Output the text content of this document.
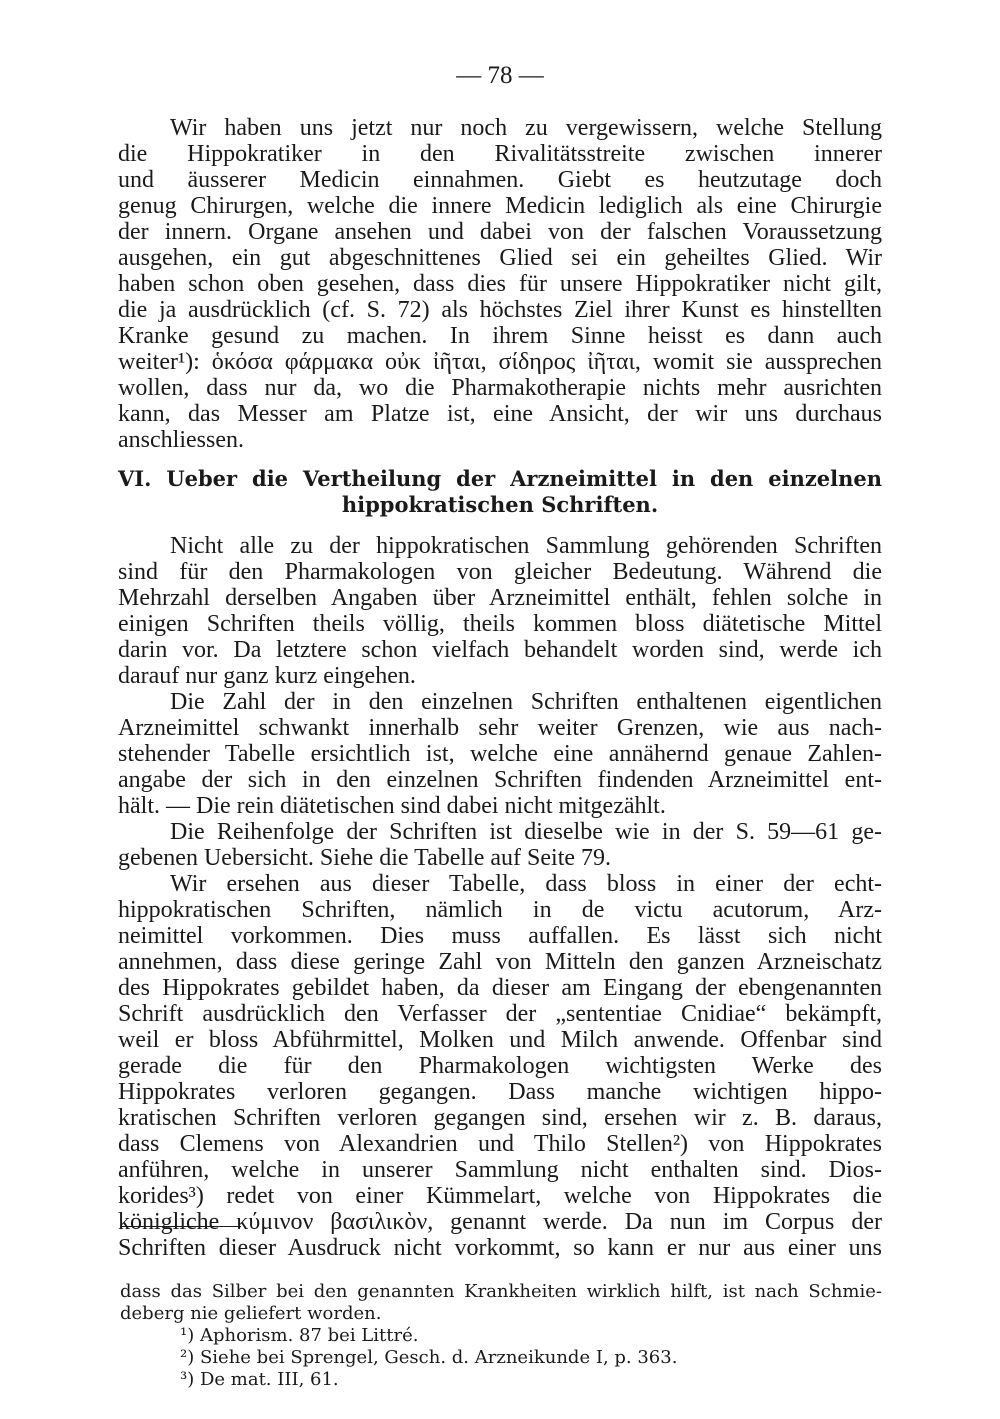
— 78 —
Wir haben uns jetzt nur noch zu vergewissern, welche Stellung
die Hippokratiker in den Rivalitätsstreite zwischen innerer
und äusserer Medicin einnahmen. Giebt es heutzutage doch
genug Chirurgen, welche die innere Medicin lediglich als eine Chirurgie
der innern. Organe ansehen und dabei von der falschen Voraussetzung
ausgehen, ein gut abgeschnittenes Glied sei ein geheiltes Glied. Wir
haben schon oben gesehen, dass dies für unsere Hippokratiker nicht gilt,
die ja ausdrücklich (cf. S. 72) als höchstes Ziel ihrer Kunst es hinstellten
Kranke gesund zu machen. In ihrem Sinne heisst es dann auch
weiter¹): ὁκόσα φάρμακα οὐκ ἰῆται, σίδηρος ἰῆται, womit sie aussprechen
wollen, dass nur da, wo die Pharmakotherapie nichts mehr ausrichten
kann, das Messer am Platze ist, eine Ansicht, der wir uns durchaus
anschliessen.
VI. Ueber die Vertheilung der Arzneimittel in den einzelnen
hippokratischen Schriften.
Nicht alle zu der hippokratischen Sammlung gehörenden Schriften
sind für den Pharmakologen von gleicher Bedeutung. Während die
Mehrzahl derselben Angaben über Arzneimittel enthält, fehlen solche in
einigen Schriften theils völlig, theils kommen bloss diätetische Mittel
darin vor. Da letztere schon vielfach behandelt worden sind, werde ich
darauf nur ganz kurz eingehen.
Die Zahl der in den einzelnen Schriften enthaltenen eigentlichen
Arzneimittel schwankt innerhalb sehr weiter Grenzen, wie aus nach-
stehender Tabelle ersichtlich ist, welche eine annähernd genaue Zahlen-
angabe der sich in den einzelnen Schriften findenden Arzneimittel ent-
hält. — Die rein diätetischen sind dabei nicht mitgezählt.
Die Reihenfolge der Schriften ist dieselbe wie in der S. 59—61 ge-
gebenen Uebersicht. Siehe die Tabelle auf Seite 79.
Wir ersehen aus dieser Tabelle, dass bloss in einer der echt-
hippokratischen Schriften, nämlich in de victu acutorum, Arz-
neimittel vorkommen. Dies muss auffallen. Es lässt sich nicht
annehmen, dass diese geringe Zahl von Mitteln den ganzen Arzneischatz
des Hippokrates gebildet haben, da dieser am Eingang der ebengenannten
Schrift ausdrücklich den Verfasser der „sententiae Cnidiae“ bekämpft,
weil er bloss Abführmittel, Molken und Milch anwende. Offenbar sind
gerade die für den Pharmakologen wichtigsten Werke des
Hippokrates verloren gegangen. Dass manche wichtigen hippo-
kratischen Schriften verloren gegangen sind, ersehen wir z. B. daraus,
dass Clemens von Alexandrien und Thilo Stellen²) von Hippokrates
anführen, welche in unserer Sammlung nicht enthalten sind. Dios-
korides³) redet von einer Kümmelart, welche von Hippokrates die
königliche κύμινον βασιλικὸν, genannt werde. Da nun im Corpus der
Schriften dieser Ausdruck nicht vorkommt, so kann er nur aus einer uns
dass das Silber bei den genannten Krankheiten wirklich hilft, ist nach Schmie-
deberg nie geliefert worden.
¹) Aphorism. 87 bei Littré.
²) Siehe bei Sprengel, Gesch. d. Arzneikunde I, p. 363.
³) De mat. III, 61.
